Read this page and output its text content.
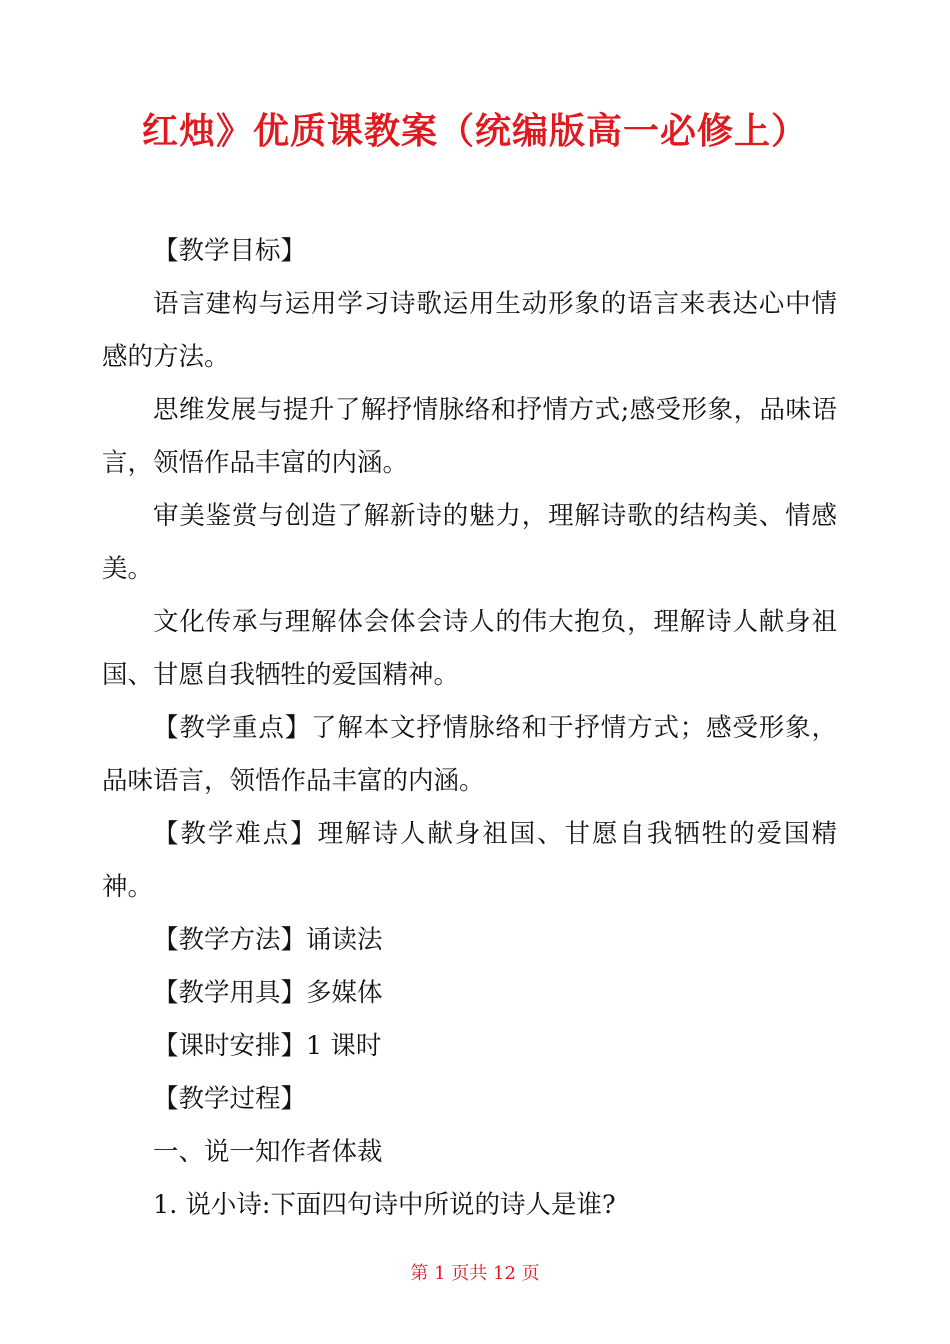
红烛》优质课教案（统编版高一必修上）

【教学目标】

语言建构与运用学习诗歌运用生动形象的语言来表达心中情感的方法。

思维发展与提升了解抒情脉络和抒情方式;感受形象，品味语言，领悟作品丰富的内涵。

审美鉴赏与创造了解新诗的魅力，理解诗歌的结构美、情感美。

文化传承与理解体会体会诗人的伟大抱负，理解诗人献身祖国、甘愿自我牺牲的爱国精神。

【教学重点】了解本文抒情脉络和于抒情方式；感受形象，品味语言，领悟作品丰富的内涵。

【教学难点】理解诗人献身祖国、甘愿自我牺牲的爱国精神。

【教学方法】诵读法

【教学用具】多媒体

【课时安排】1 课时

【教学过程】

一、说一知作者体裁

1. 说小诗:下面四句诗中所说的诗人是谁?

第 1 页共 12 页
